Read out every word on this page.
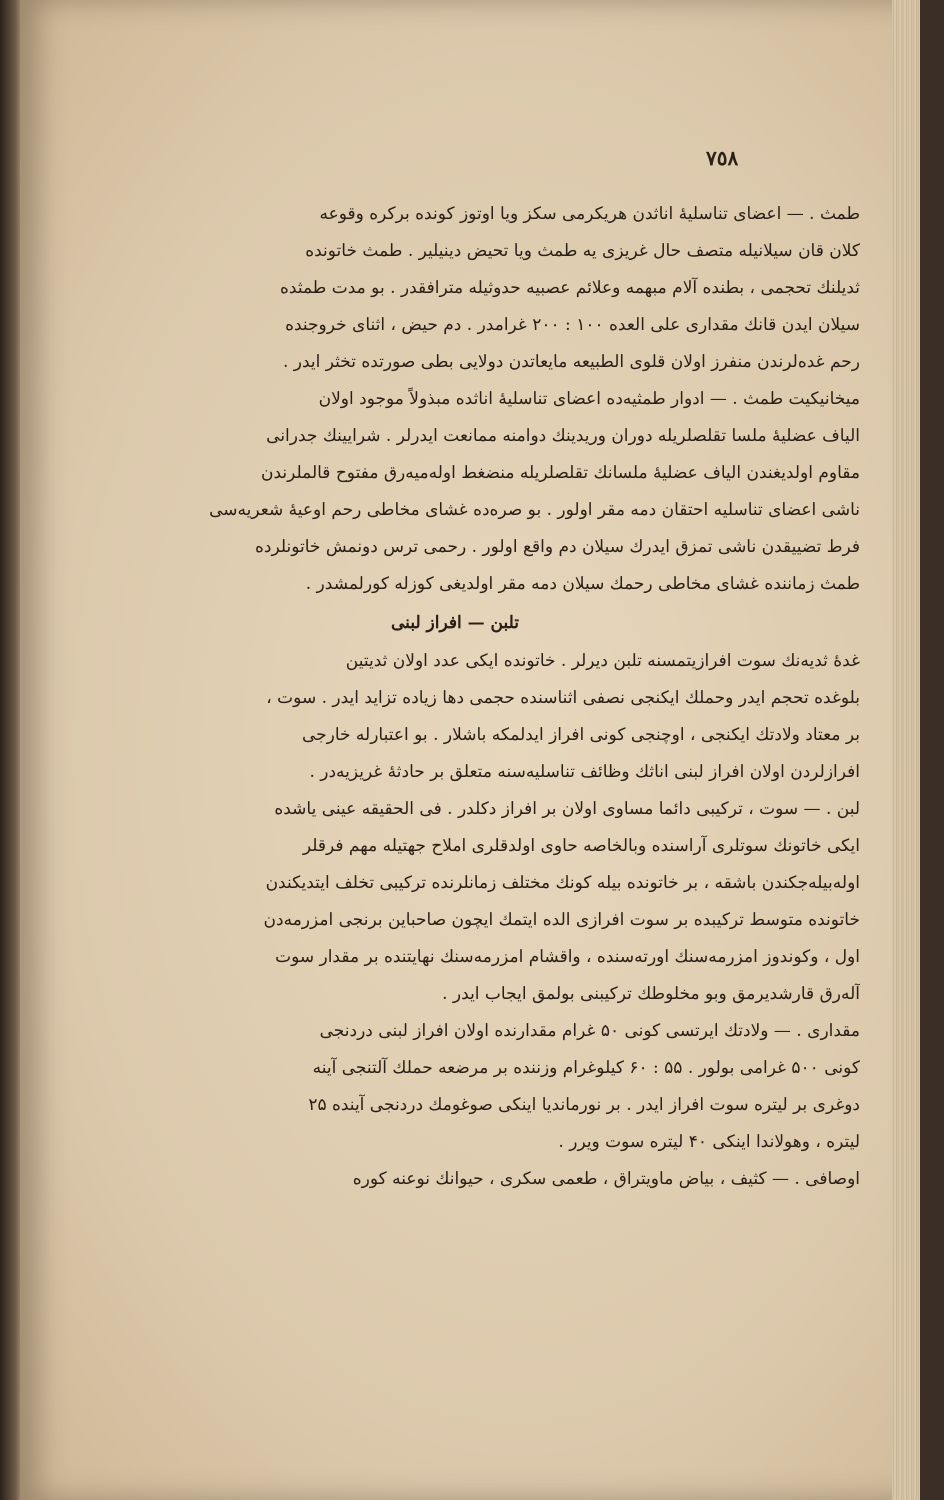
٧٥٨
طمث . — اعضای تناسلیهٔ اناثدن هریکرمی سکز ویا اوتوز کونده برکره وقوعه
کلان قان سیلانیله متصف حال غریزی یه طمث ویا تحیض دینیلیر . طمث خاتونده
ثدیلنك تحجمی ، بطنده آلام مبهمه وعلائم عصبیه حدوثیله مترافقدر . بو مدت طمثده
سیلان ایدن قانك مقداری علی العده ۱۰۰ : ۲۰۰ غرامدر . دم حیض ، اثنای خروجنده
رحم غده‌لرندن منفرز اولان قلوی الطبیعه مایعاتدن دولایی بطی صورتده تخثر ایدر .
میخانیکیت طمث . — ادوار طمثیه‌ده اعضای تناسلیهٔ اناثده مبذولاً موجود اولان
الیاف عضلیهٔ ملسا تقلصلریله دوران وریدینك دوامنه ممانعت ایدرلر . شرایینك جدرانی
مقاوم اولدیغندن الیاف عضلیهٔ ملسانك تقلصلریله منضغط اوله‌میه‌رق مفتوح قالملرندن
ناشی اعضای تناسلیه احتقان دمه مقر اولور . بو صره‌ده غشای مخاطی رحم اوعیهٔ شعریه‌سی
فرط تضییقدن ناشی تمزق ایدرك سیلان دم واقع اولور . رحمی ترس دونمش خاتونلرده
طمث زماننده غشای مخاطی رحمك سیلان دمه مقر اولدیغی کوزله کورلمشدر .
تلبن — افراز لبنی
غدهٔ ثدیه‌نك سوت افرازیتمسنه تلبن دیرلر . خاتونده ایکی عدد اولان ثدیتین
بلوغده تحجم ایدر وحملك ایکنجی نصفی اثناسنده حجمی دها زیاده تزاید ایدر . سوت ،
بر معتاد ولادتك ایکنجی ، اوچنجی کونی افراز ایدلمکه باشلار . بو اعتبارله خارجی
افرازلردن اولان افراز لبنی اناثك وظائف تناسلیه‌سنه متعلق بر حادثهٔ غریزیه‌در .
لبن . — سوت ، ترکیبی دائما مساوی اولان بر افراز دکلدر . فی الحقیقه عینی یاشده
ایکی خاتونك سوتلری آراسنده وبالخاصه حاوی اولدقلری املاح جهتیله مهم فرقلر
اوله‌بیله‌جکندن باشقه ، بر خاتونده بیله کونك مختلف زمانلرنده ترکیبی تخلف ایتدیکندن
خاتونده متوسط ترکیبده بر سوت افرازی الده ایتمك ایچون صاحباین برنجی امزرمه‌دن
اول ، وکوندوز امزرمه‌سنك اورته‌سنده ، واقشام امزرمه‌سنك نهایتنده بر مقدار سوت
آله‌رق قارشدیرمق وبو مخلوطك ترکیبنی بولمق ایجاب ایدر .
مقداری . — ولادتك ایرتسی کونی ۵۰ غرام مقدارنده اولان افراز لبنی دردنجی
کونی ۵۰۰ غرامی بولور . ۵۵ : ۶۰ کیلوغرام وزننده بر مرضعه حملك آلتنجی آینه
دوغری بر لیتره سوت افراز ایدر . بر نورماندیا اینکی صوغومك دردنجی آینده ۲۵
لیتره ، وهولاندا اینکی ۴۰ لیتره سوت ویرر .
اوصافی . — کثیف ، بیاض ماویتراق ، طعمی سکری ، حیوانك نوعنه کوره
